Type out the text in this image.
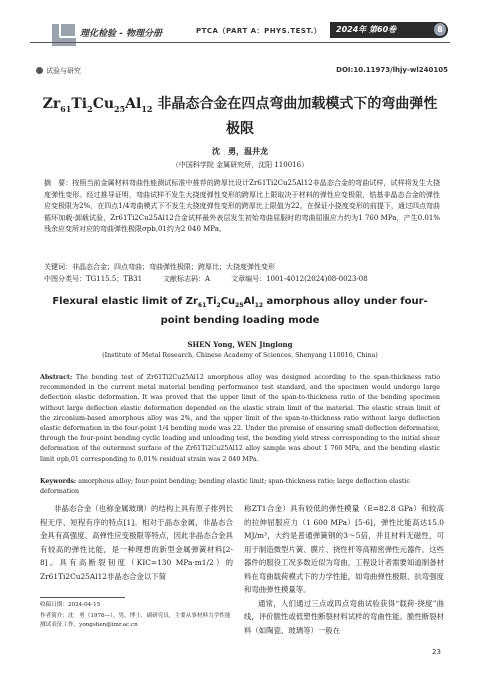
理化检验 - 物理分册	PTCA（PART A：PHYS.TEST.） 2024年 第60卷	8
试验与研究	DOI:10.11973/lhjy-wl240105
$Zr_{61}Ti_2Cu_{25}Al_{12}$ 非晶态合金在四点弯曲加载模式下的弯曲弹性极限
沈　勇，温井龙
（中国科学院 金属研究所，沈阳 110016）
摘　要：按照当前金属材料弯曲性能测试标准中推荐的跨厚比设计Zr61Ti2Cu25Al12非晶态合金的弯曲试样，试样将发生大挠度弹性变形。经过推导证明，弯曲试样不发生大挠度弹性变形的跨厚比上限取决于材料的弹性应变极限，锆基非晶态合金的弹性应变极限为2%，在四点1/4弯曲模式下不发生大挠度弹性变形的跨厚比上限值为22。在保证小挠度变形的前提下，通过四点弯曲循环加载-卸载试验，Zr61Ti2Cu25Al12合金试样最外表层发生初始弯曲屈服时的弯曲屈服应力约为1 760 MPa，产生0.01%残余应变所对应的弯曲弹性极限σpb,01约为2 040 MPa。
关键词：非晶态合金；四点弯曲；弯曲弹性极限；跨厚比；大挠度弹性变形
中图分类号：TG115.5；TB31　　　文献标志码：A　　　文章编号：1001-4012(2024)08-0023-08
Flexural elastic limit of $Zr_{61}Ti_2Cu_{25}Al_{12}$ amorphous alloy under four-point bending loading mode
SHEN Yong, WEN Jinglong
(Institute of Metal Research, Chinese Academy of Sciences, Shenyang 110016, China)
Abstract: The bending test of Zr61Ti2Cu25Al12 amorphous alloy was designed according to the span-thickness ratio recommended in the current metal material bending performance test standard, and the specimen would undergo large deflection elastic deformation. It was proved that the upper limit of the span-to-thickness ratio of the bending specimen without large deflection elastic deformation depended on the elastic strain limit of the material. The elastic strain limit of the zirconium-based amorphous alloy was 2%, and the upper limit of the span-to-thickness ratio without large deflection elastic deformation in the four-point 1/4 bending mode was 22. Under the premise of ensuring small deflection deformation, through the four-point bending cyclic loading and unloading test, the bending yield stress corresponding to the initial shear deformation of the outermost surface of the Zr61Ti2Cu25Al12 alloy sample was about 1 760 MPa, and the bending elastic limit σpb,01 corresponding to 0.01% residual strain was 2 040 MPa.
Keywords: amorphous alloy; four-point bending; bending elastic limit; span-thickness ratio; large deflection elastic deformation
非晶态合金（也称金属玻璃）的结构上具有原子排列长程无序、短程有序的特点[1]。相对于晶态金属，非晶态合金具有高强度、高弹性应变极限等特点，因此非晶态合金具有较高的弹性比能，是一种理想的新型金属弹簧材料[2-8]。具有高断裂韧度（KIC=130 MPa·m1/2）的Zr61Ti2Cu25Al12非晶态合金以下简

称ZT1合金）具有较低的弹性模量（E=82.8 GPa）和较高的拉伸屈服应力（1 600 MPa）[5-6]，弹性比能高达15.0 MJ/m³，大约是普通弹簧钢的3～5倍，并且材料无磁性，可用于制造微型片簧、膜片、挠性杆等高精密弹性元器件。这些器件的服役工况多数近似为弯曲，工程设计者需要知道制备材料在弯曲载荷模式下的力学性能，如弯曲弹性极限、抗弯强度和弯曲弹性模量等。

通常，人们通过三点或四点弯曲试验获得“载荷-挠度”曲线，评价脆性或低塑性断裂材料试样的弯曲性能。脆性断裂材料（如陶瓷、玻璃等）一般在

收稿日期：2024-04-15
作者简介：沈　勇（1976—），男，博士，副研究员，主要从事材料力学性能测试表征工作，yongshen@imr.ac.cn
23
